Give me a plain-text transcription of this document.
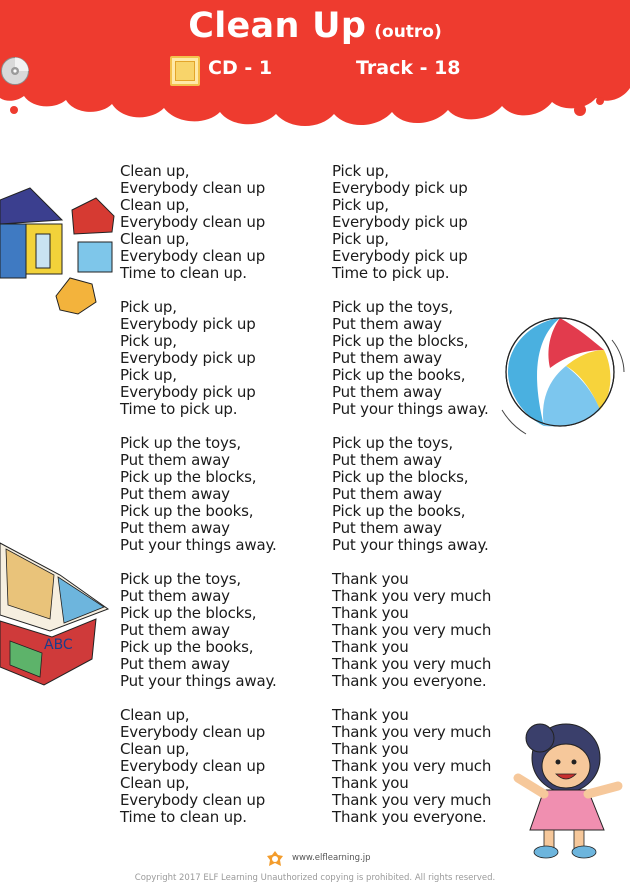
Clean Up (outro)
CD - 1	Track - 18
Clean up,
Everybody clean up
Clean up,
Everybody clean up
Clean up,
Everybody clean up
Time to clean up.
Pick up,
Everybody pick up
Pick up,
Everybody pick up
Pick up,
Everybody pick up
Time to pick up.
Pick up the toys,
Put them away
Pick up the blocks,
Put them away
Pick up the books,
Put them away
Put your things away.
Pick up the toys,
Put them away
Pick up the blocks,
Put them away
Pick up the books,
Put them away
Put your things away.
Clean up,
Everybody clean up
Clean up,
Everybody clean up
Clean up,
Everybody clean up
Time to clean up.
Pick up,
Everybody pick up
Pick up,
Everybody pick up
Pick up,
Everybody pick up
Time to pick up.
Pick up the toys,
Put them away
Pick up the blocks,
Put them away
Pick up the books,
Put them away
Put your things away.
Pick up the toys,
Put them away
Pick up the blocks,
Put them away
Pick up the books,
Put them away
Put your things away.
Thank you
Thank you very much
Thank you
Thank you very much
Thank you
Thank you very much
Thank you everyone.
Thank you
Thank you very much
Thank you
Thank you very much
Thank you
Thank you very much
Thank you everyone.
ABC
www.elflearning.jp
Copyright 2017 ELF Learning Unauthorized copying is prohibited. All rights reserved.
